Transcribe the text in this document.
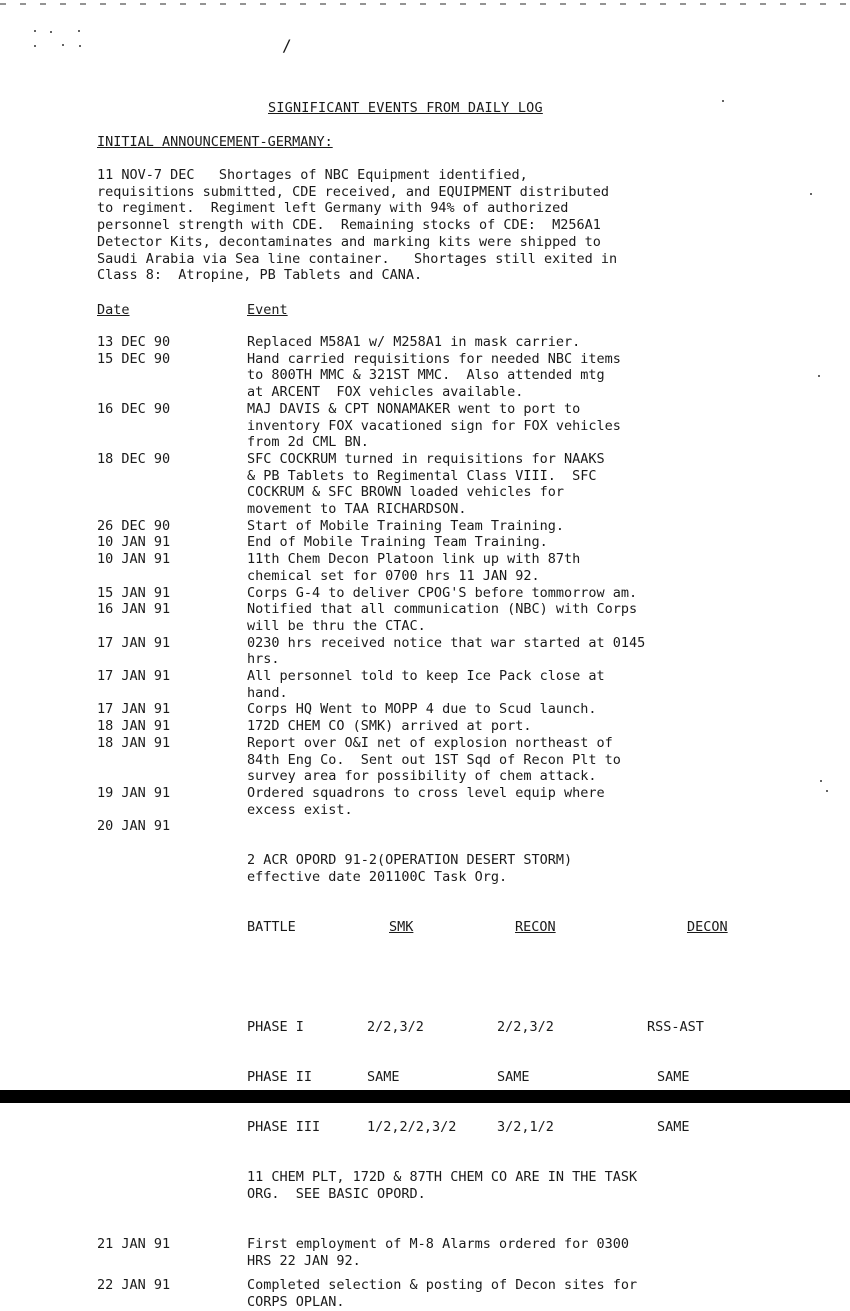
/
SIGNIFICANT EVENTS FROM DAILY LOG
INITIAL ANNOUNCEMENT-GERMANY:
11 NOV-7 DEC   Shortages of NBC Equipment identified,
requisitions submitted, CDE received, and EQUIPMENT distributed
to regiment.  Regiment left Germany with 94% of authorized
personnel strength with CDE.  Remaining stocks of CDE:  M256A1
Detector Kits, decontaminates and marking kits were shipped to
Saudi Arabia via Sea line container.   Shortages still exited in
Class 8:  Atropine, PB Tablets and CANA.
Date	Event
13 DEC 90	Replaced M58A1 w/ M258A1 in mask carrier.
15 DEC 90	Hand carried requisitions for needed NBC items
to 800TH MMC & 321ST MMC.  Also attended mtg
at ARCENT  FOX vehicles available.
16 DEC 90	MAJ DAVIS & CPT NONAMAKER went to port to
inventory FOX vacationed sign for FOX vehicles
from 2d CML BN.
18 DEC 90	SFC COCKRUM turned in requisitions for NAAKS
& PB Tablets to Regimental Class VIII.  SFC
COCKRUM & SFC BROWN loaded vehicles for
movement to TAA RICHARDSON.
26 DEC 90	Start of Mobile Training Team Training.
10 JAN 91	End of Mobile Training Team Training.
10 JAN 91	11th Chem Decon Platoon link up with 87th
chemical set for 0700 hrs 11 JAN 92.
15 JAN 91	Corps G-4 to deliver CPOG'S before tommorrow am.
16 JAN 91	Notified that all communication (NBC) with Corps
will be thru the CTAC.
17 JAN 91	0230 hrs received notice that war started at 0145
hrs.
17 JAN 91	All personnel told to keep Ice Pack close at
hand.
17 JAN 91	Corps HQ Went to MOPP 4 due to Scud launch.
18 JAN 91	172D CHEM CO (SMK) arrived at port.
18 JAN 91	Report over O&I net of explosion northeast of
84th Eng Co.  Sent out 1ST Sqd of Recon Plt to
survey area for possibility of chem attack.
19 JAN 91	Ordered squadrons to cross level equip where
excess exist.
20 JAN 91

2 ACR OPORD 91-2(OPERATION DESERT STORM)
effective date 201100C Task Org.

BATTLE	SMK	RECON	DECON

PHASE I	2/2,3/2	2/2,3/2	RSS-AST

PHASE II	SAME	SAME	SAME

PHASE III	1/2,2/2,3/2	3/2,1/2	SAME

11 CHEM PLT, 172D & 87TH CHEM CO ARE IN THE TASK
ORG.  SEE BASIC OPORD.

21 JAN 91	First employment of M-8 Alarms ordered for 0300
HRS 22 JAN 92.
22 JAN 91	Completed selection & posting of Decon sites for
CORPS OPLAN.
